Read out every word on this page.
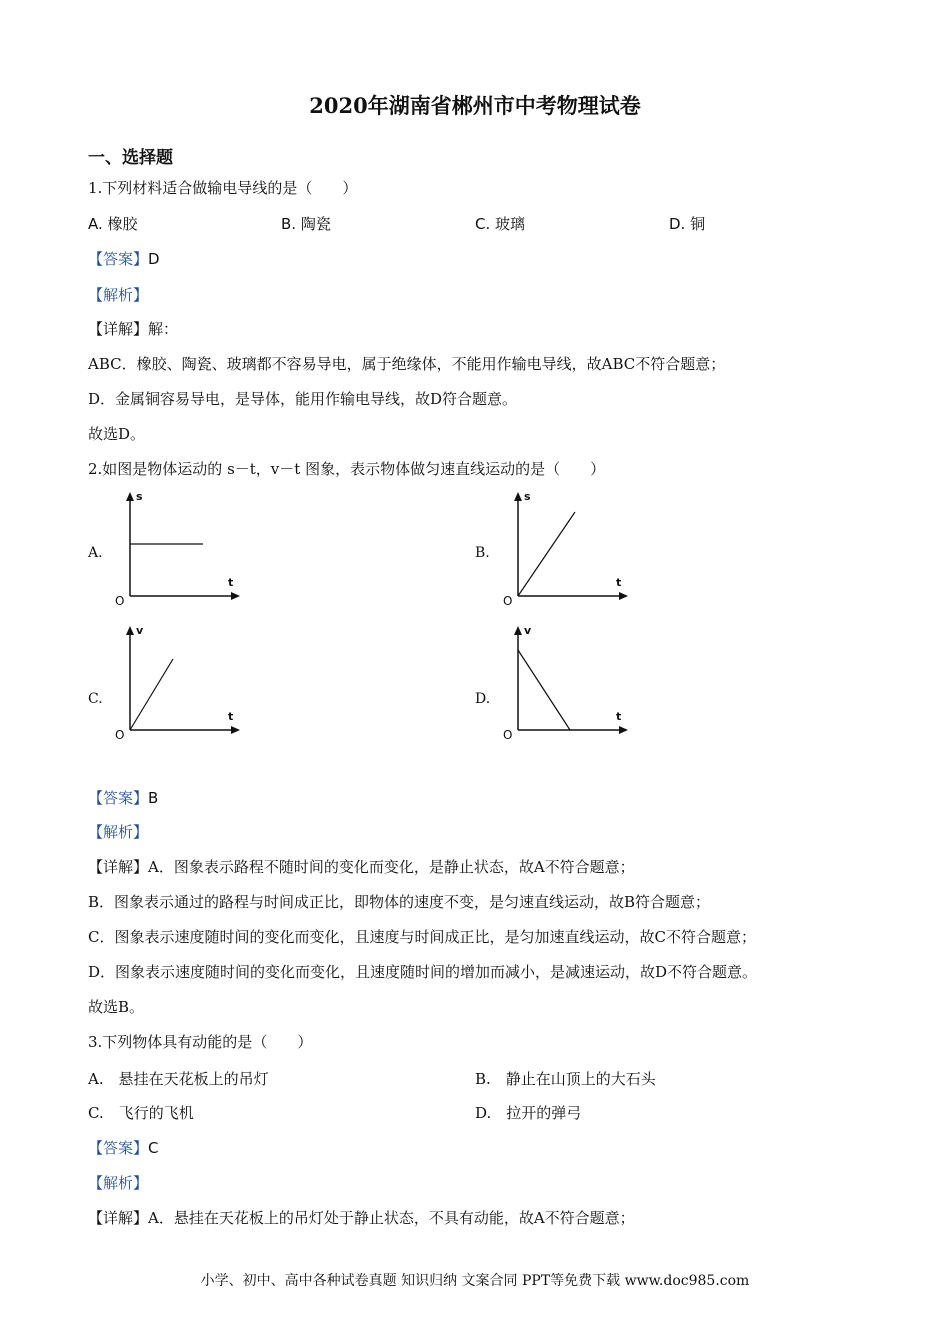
2020年湖南省郴州市中考物理试卷
一、选择题
1.下列材料适合做输电导线的是（　　）
A. 橡胶	B. 陶瓷	C. 玻璃	D. 铜
【答案】D
【解析】
【详解】解：
ABC．橡胶、陶瓷、玻璃都不容易导电，属于绝缘体，不能用作输电导线，故ABC不符合题意；
D．金属铜容易导电，是导体，能用作输电导线，故D符合题意。
故选D。
2.如图是物体运动的 s－t，v－t 图象，表示物体做匀速直线运动的是（　　）
A.	B.
C.	D.
s
t
O
s
t
O
v
t
O
v
t
O
【答案】B
【解析】
【详解】A．图象表示路程不随时间的变化而变化，是静止状态，故A不符合题意；
B．图象表示通过的路程与时间成正比，即物体的速度不变，是匀速直线运动，故B符合题意；
C．图象表示速度随时间的变化而变化，且速度与时间成正比，是匀加速直线运动，故C不符合题意；
D．图象表示速度随时间的变化而变化，且速度随时间的增加而减小，是减速运动，故D不符合题意。
故选B。
3.下列物体具有动能的是（　　）
A.　悬挂在天花板上的吊灯	B.　静止在山顶上的大石头
C.　飞行的飞机	D.　拉开的弹弓
【答案】C
【解析】
【详解】A．悬挂在天花板上的吊灯处于静止状态，不具有动能，故A不符合题意；
小学、初中、高中各种试卷真题 知识归纳 文案合同 PPT等免费下载 www.doc985.com
